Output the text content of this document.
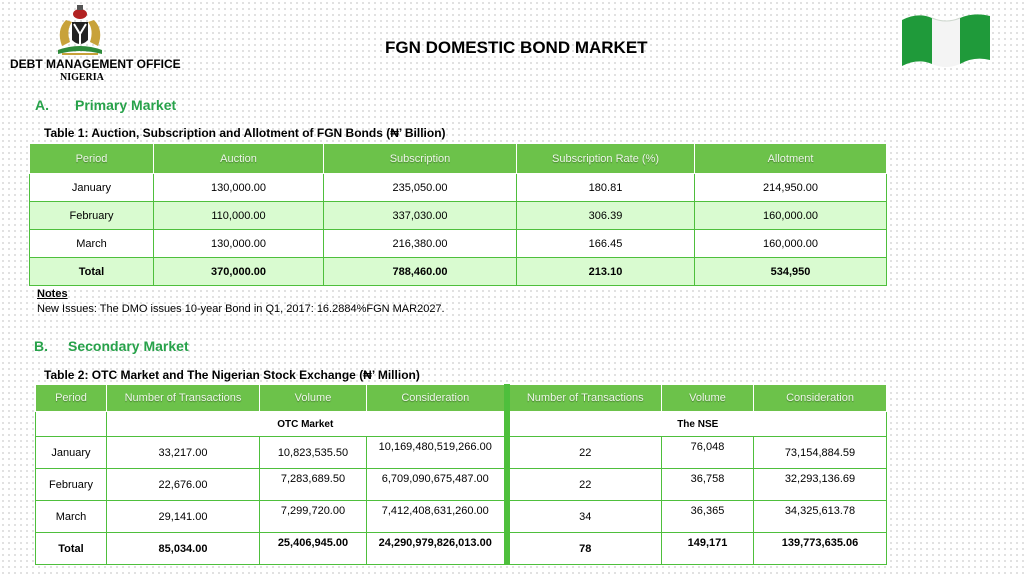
DEBT MANAGEMENT OFFICE
NIGERIA
FGN DOMESTIC BOND MARKET
A. Primary Market
Table 1: Auction, Subscription and Allotment of FGN Bonds (₦’ Billion)
Period	Auction	Subscription	Subscription Rate (%)	Allotment
January	130,000.00	235,050.00	180.81	214,950.00
February	110,000.00	337,030.00	306.39	160,000.00
March	130,000.00	216,380.00	166.45	160,000.00
Total	370,000.00	788,460.00	213.10	534,950
Notes
New Issues: The DMO issues 10-year Bond in Q1, 2017: 16.2884%FGN MAR2027.
B. Secondary Market
Table 2: OTC Market and The Nigerian Stock Exchange (₦’ Million)
Period	Number of Transactions	Volume	Consideration	Number of Transactions	Volume	Consideration
	OTC Market			The NSE		
January	33,217.00	10,823,535.50	10,169,480,519,266.00	22	76,048	73,154,884.59
February	22,676.00	7,283,689.50	6,709,090,675,487.00	22	36,758	32,293,136.69
March	29,141.00	7,299,720.00	7,412,408,631,260.00	34	36,365	34,325,613.78
Total	85,034.00	25,406,945.00	24,290,979,826,013.00	78	149,171	139,773,635.06
